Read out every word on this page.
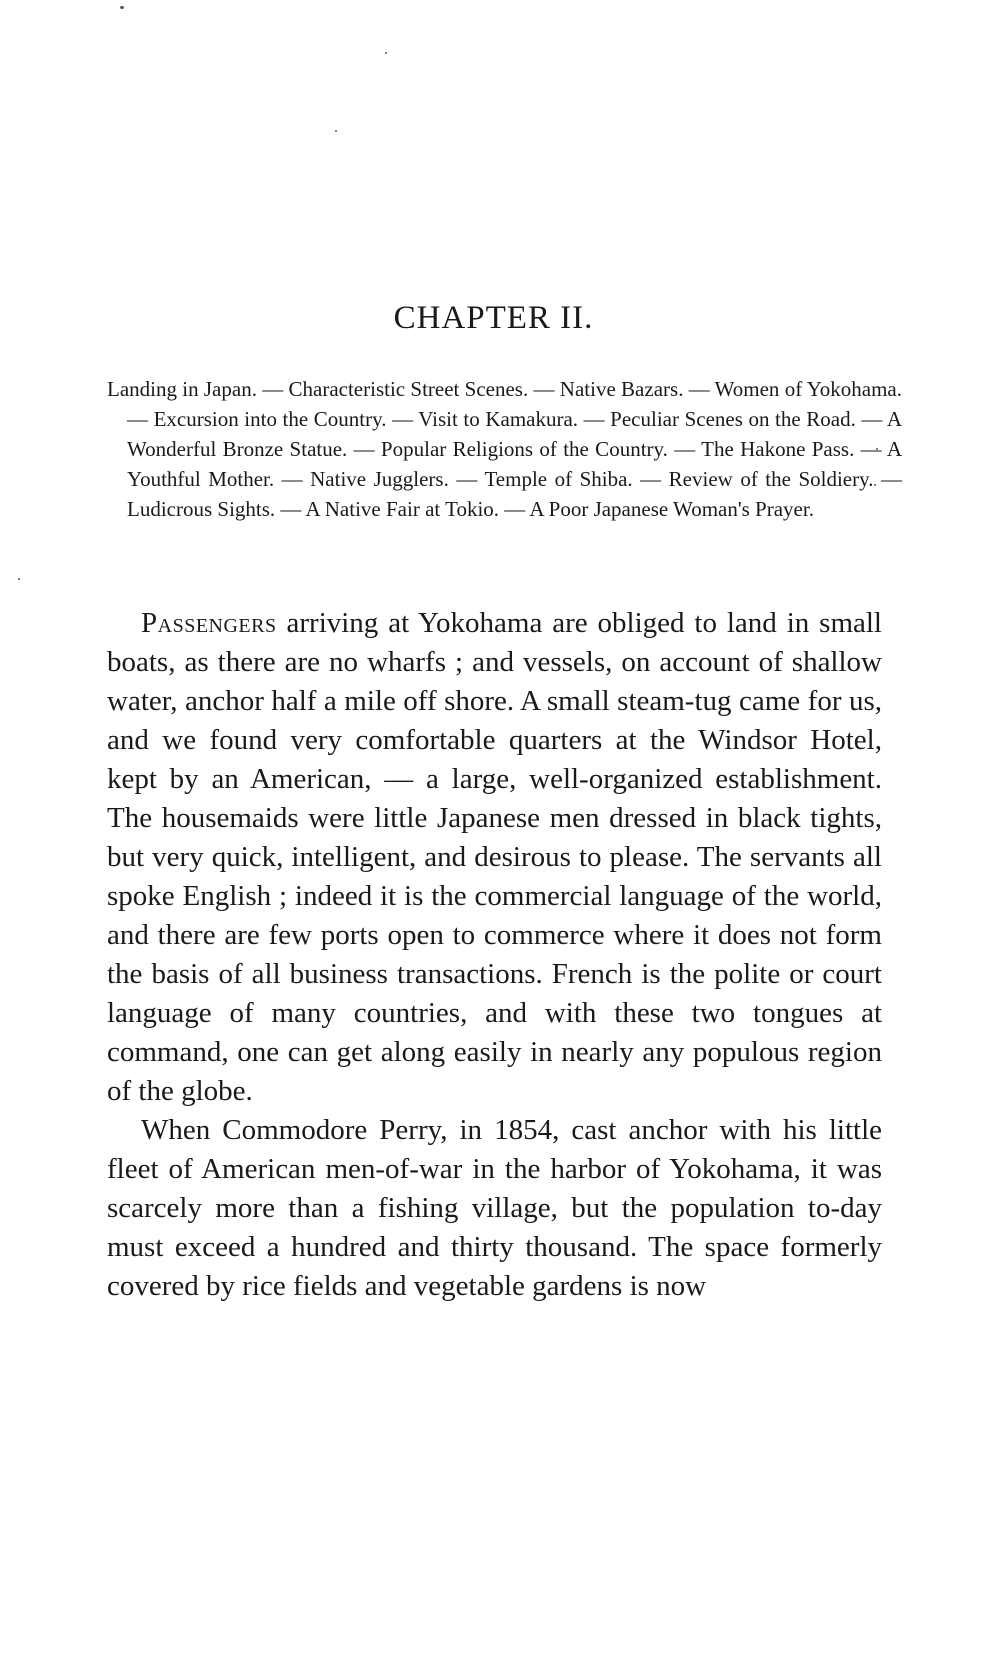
CHAPTER II.

Landing in Japan. — Characteristic Street Scenes. — Native Bazars. — Women of Yokohama. — Excursion into the Country. — Visit to Kamakura. — Peculiar Scenes on the Road. — A Wonderful Bronze Statue. — Popular Religions of the Country. — The Hakone Pass. — A Youthful Mother. — Native Jugglers. — Temple of Shiba. — Review of the Soldiery. — Ludicrous Sights. — A Native Fair at Tokio. — A Poor Japanese Woman's Prayer.

Passengers arriving at Yokohama are obliged to land in small boats, as there are no wharfs ; and vessels, on account of shallow water, anchor half a mile off shore. A small steam-tug came for us, and we found very comfortable quarters at the Windsor Hotel, kept by an American, — a large, well-organized establishment. The housemaids were little Japanese men dressed in black tights, but very quick, intelligent, and desirous to please. The servants all spoke English ; indeed it is the commercial language of the world, and there are few ports open to commerce where it does not form the basis of all business transactions. French is the polite or court language of many countries, and with these two tongues at command, one can get along easily in nearly any populous region of the globe.

When Commodore Perry, in 1854, cast anchor with his little fleet of American men-of-war in the harbor of Yokohama, it was scarcely more than a fishing village, but the population to-day must exceed a hundred and thirty thousand. The space formerly covered by rice fields and vegetable gardens is now
